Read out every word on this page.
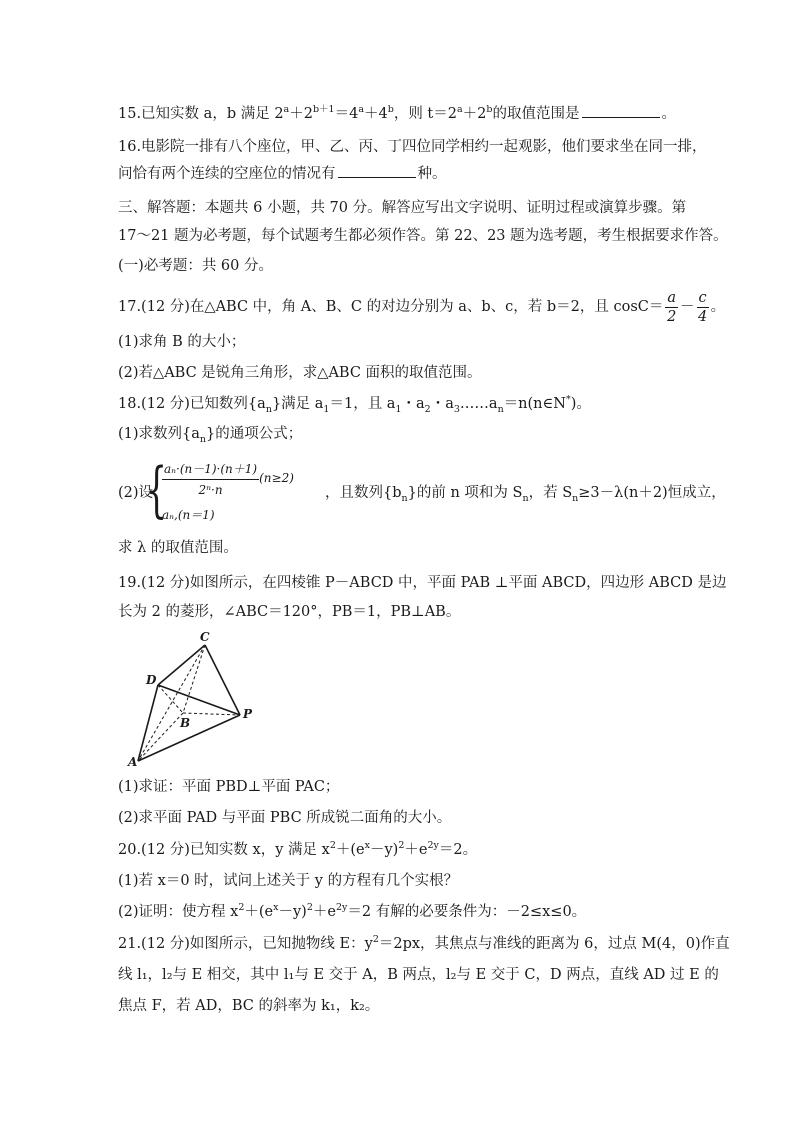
15.已知实数 a，b 满足 $2^a+2^{b+1}=4^a+4^b$，则 $t=2^a+2^b$的取值范围是	。
16.电影院一排有八个座位，甲、乙、丙、丁四位同学相约一起观影，他们要求坐在同一排，
问恰有两个连续的空座位的情况有	种。
三、解答题：本题共 6 小题，共 70 分。解答应写出文字说明、证明过程或演算步骤。第
17～21 题为必考题，每个试题考生都必须作答。第 22、23 题为选考题，考生根据要求作答。
(一)必考题：共 60 分。
17.(12 分)在△ABC 中，角 A、B、C 的对边分别为 a、b、c，若 b＝2，且 $\cos C= \frac{a}{2} - \frac{c}{4}$ 。
(1)求角 B 的大小；
(2)若△ABC 是锐角三角形，求△ABC 面积的取值范围。
18.(12 分)已知数列$\{a_n\}$满足 $a_1=1$，且 $a_1$・$a_2$・$a_3\dots\dots a_n=n(n\in N^*)$。
(1)求数列$\{a_n\}$的通项公式；
(2)设
{
$\frac{\text{aₙ·(n－1)·(n＋1)}}{\text{2ⁿ·n}} (n\ge 2)$
aₙ,(n＝1)
，且数列$\{b_n\}$的前 n 项和为 $S_n$，若 $S_n\ge 3-\lambda(n+2)$恒成立，
求 λ 的取值范围。
19.(12 分)如图所示，在四棱锥 P－ABCD 中，平面 PAB ⊥平面 ABCD，四边形 ABCD 是边
长为 2 的菱形，∠ABC＝120°，PB＝1，PB⊥AB。
C
D
B
P
A
(1)求证：平面 PBD⊥平面 PAC；
(2)求平面 PAD 与平面 PBC 所成锐二面角的大小。
20.(12 分)已知实数 x，y 满足 $x^2+(e^x-y)^2+e^{2y}=2$。
(1)若 x＝0 时，试问上述关于 y 的方程有几个实根？
(2)证明：使方程 $x^2+(e^x-y)^2+e^{2y}=2$ 有解的必要条件为：－2≤x≤0。
21.(12 分)如图所示，已知抛物线 E：$y^2=2px$，其焦点与准线的距离为 6，过点 M(4，0)作直
线 l₁，l₂与 E 相交，其中 l₁与 E 交于 A，B 两点，l₂与 E 交于 C，D 两点，直线 AD 过 E 的
焦点 F，若 AD，BC 的斜率为 k₁，k₂。
